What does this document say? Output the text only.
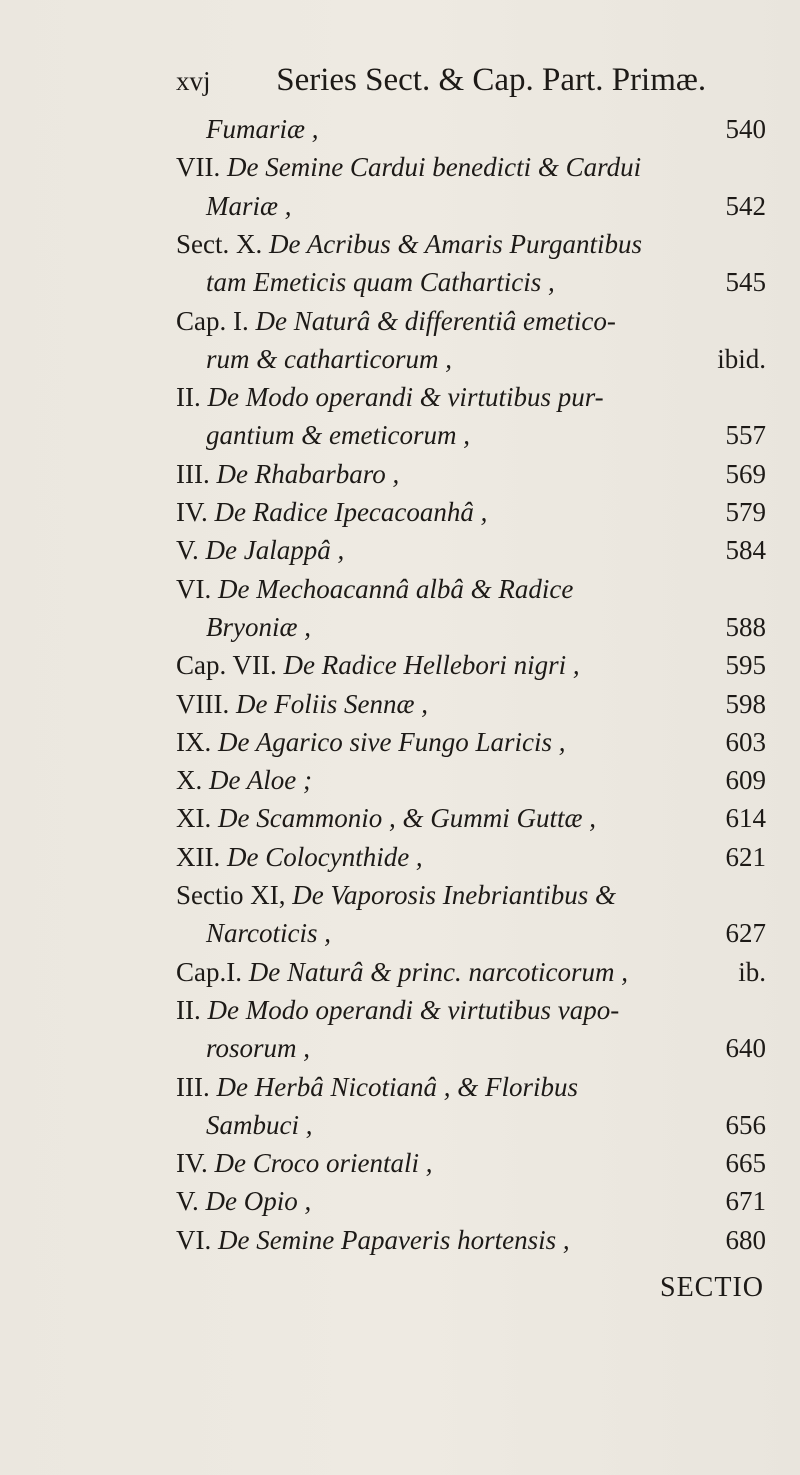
xvj Series Sect. & Cap. Part. Primæ.
Fumariæ ,	540
VII. De Semine Cardui benedicti & Cardui
Mariæ ,	542
Sect. X. De Acribus & Amaris Purgantibus
tam Emeticis quam Catharticis ,	545
Cap. I. De Naturâ & differentiâ emetico-
rum & catharticorum ,	ibid.
II. De Modo operandi & virtutibus pur-
gantium & emeticorum ,	557
III. De Rhabarbaro ,	569
IV. De Radice Ipecacoanhâ ,	579
V. De Jalappâ ,	584
VI. De Mechoacannâ albâ & Radice
Bryoniæ ,	588
Cap. VII. De Radice Hellebori nigri ,	595
VIII. De Foliis Sennæ ,	598
IX. De Agarico sive Fungo Laricis ,	603
X. De Aloe ;	609
XI. De Scammonio , & Gummi Guttæ ,	614
XII. De Colocynthide ,	621
Sectio XI, De Vaporosis Inebriantibus &
Narcoticis ,	627
Cap.I. De Naturâ & princ. narcoticorum ,	ib.
II. De Modo operandi & virtutibus vapo-
rosorum ,	640
III. De Herbâ Nicotianâ , & Floribus
Sambuci ,	656
IV. De Croco orientali ,	665
V. De Opio ,	671
VI. De Semine Papaveris hortensis ,	680
SECTIO
